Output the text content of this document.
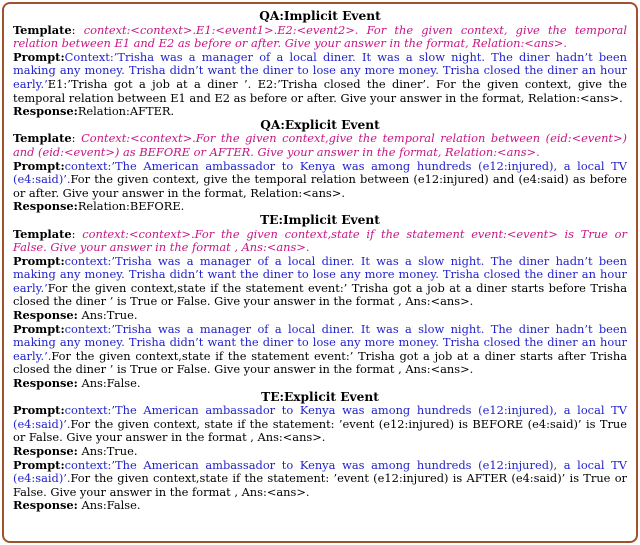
QA:Implicit Event
Template: context:<context>.E1:<event1>.E2:<event2>. For the given context, give the temporal relation between E1 and E2 as before or after. Give your answer in the format, Relation:<ans>.
Prompt:Context:’Trisha was a manager of a local diner. It was a slow night. The diner hadn’t been making any money. Trisha didn’t want the diner to lose any more money. Trisha closed the diner an hour early.’E1:’Trisha got a job at a diner ’. E2:’Trisha closed the diner’. For the given context, give the temporal relation between E1 and E2 as before or after. Give your answer in the format, Relation:<ans>.
Response:Relation:AFTER.
QA:Explicit Event
Template: Context:<context>.For the given context,give the temporal relation between (eid:<event>) and (eid:<event>) as BEFORE or AFTER. Give your answer in the format, Relation:<ans>.
Prompt:context:’The American ambassador to Kenya was among hundreds (e12:injured), a local TV (e4:said)’.For the given context, give the temporal relation between (e12:injured) and (e4:said) as before or after. Give your answer in the format, Relation:<ans>.
Response:Relation:BEFORE.
TE:Implicit Event
Template: context:<context>.For the given context,state if the statement event:<event> is True or False. Give your answer in the format , Ans:<ans>.
Prompt:context:’Trisha was a manager of a local diner. It was a slow night. The diner hadn’t been making any money. Trisha didn’t want the diner to lose any more money. Trisha closed the diner an hour early.’For the given context,state if the statement event:’ Trisha got a job at a diner starts before Trisha closed the diner ’ is True or False. Give your answer in the format , Ans:<ans>.
Response: Ans:True.
Prompt:context:’Trisha was a manager of a local diner. It was a slow night. The diner hadn’t been making any money. Trisha didn’t want the diner to lose any more money. Trisha closed the diner an hour early.’.For the given context,state if the statement event:’ Trisha got a job at a diner starts after Trisha closed the diner ’ is True or False. Give your answer in the format , Ans:<ans>.
Response: Ans:False.
TE:Explicit Event
Prompt:context:’The American ambassador to Kenya was among hundreds (e12:injured), a local TV (e4:said)’.For the given context, state if the statement: ’event (e12:injured) is BEFORE (e4:said)’ is True or False. Give your answer in the format , Ans:<ans>.
Response: Ans:True.
Prompt:context:’The American ambassador to Kenya was among hundreds (e12:injured), a local TV (e4:said)’.For the given context,state if the statement: ’event (e12:injured) is AFTER (e4:said)’ is True or False. Give your answer in the format , Ans:<ans>.
Response: Ans:False.
